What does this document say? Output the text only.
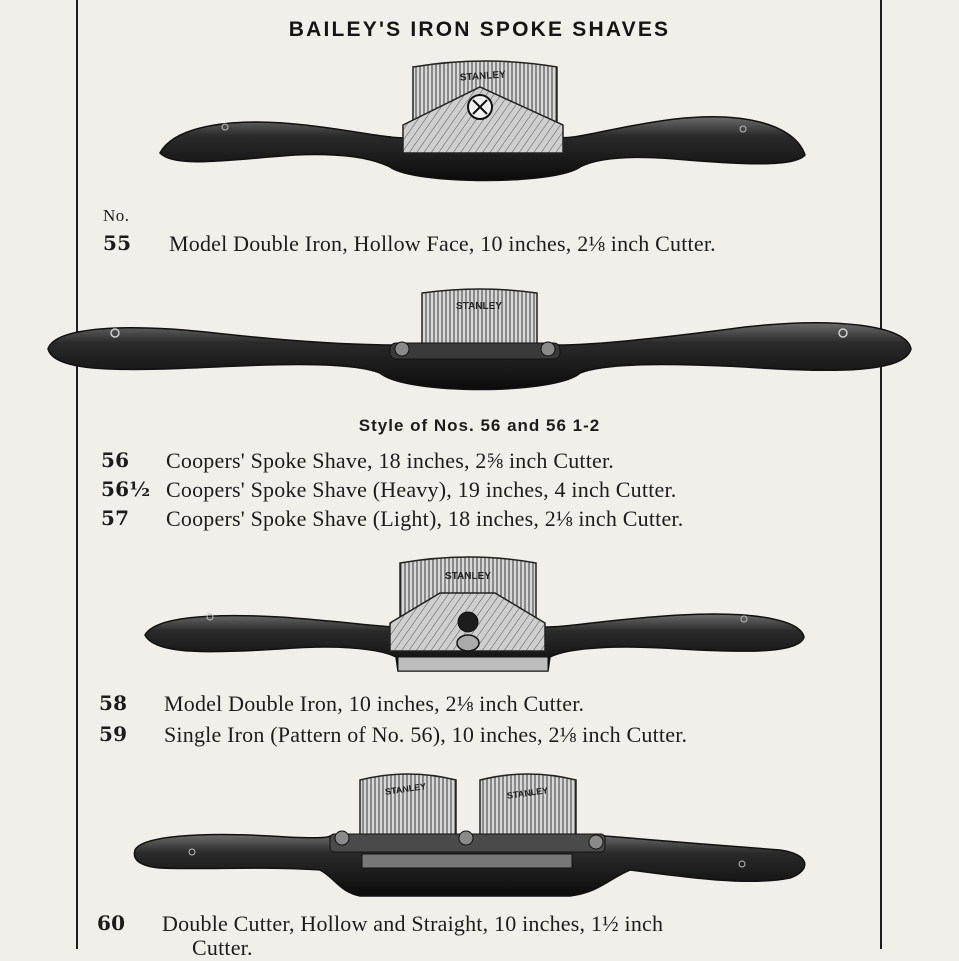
BAILEY'S IRON SPOKE SHAVES
STANLEY
No.
55 Model Double Iron, Hollow Face, 10 inches, 2⅛ inch Cutter.
STANLEY
Style of Nos. 56 and 56 1-2
56 Coopers' Spoke Shave, 18 inches, 2⅝ inch Cutter.
56½ Coopers' Spoke Shave (Heavy), 19 inches, 4 inch Cutter.
57 Coopers' Spoke Shave (Light), 18 inches, 2⅛ inch Cutter.
STANLEY
58 Model Double Iron, 10 inches, 2⅛ inch Cutter.
59 Single Iron (Pattern of No. 56), 10 inches, 2⅛ inch Cutter.
STANLEY	STANLEY
60 Double Cutter, Hollow and Straight, 10 inches, 1½ inch
Cutter.
